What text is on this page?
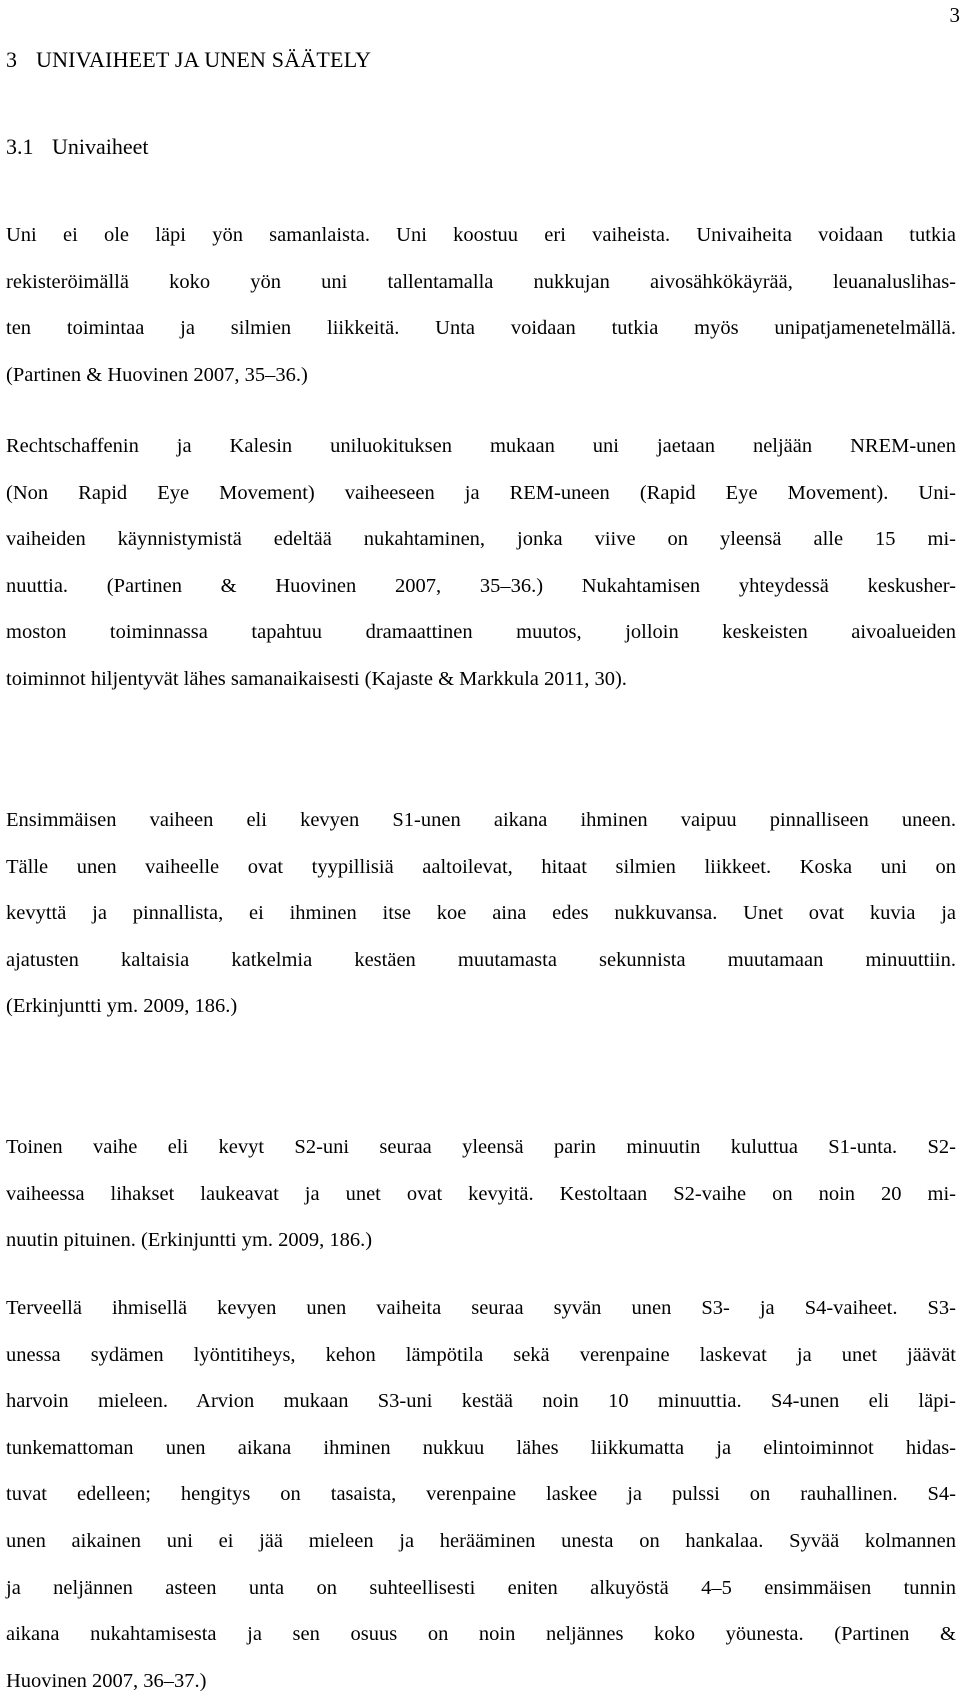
3
3 UNIVAIHEET JA UNEN SÄÄTELY
3.1 Univaiheet
Uni ei ole läpi yön samanlaista. Uni koostuu eri vaiheista. Univaiheita voidaan tutkia
rekisteröimällä koko yön uni tallentamalla nukkujan aivosähkökäyrää, leuanaluslihas-
ten toimintaa ja silmien liikkeitä. Unta voidaan tutkia myös unipatjamenetelmällä.
(Partinen & Huovinen 2007, 35–36.)
Rechtschaffenin ja Kalesin uniluokituksen mukaan uni jaetaan neljään NREM-unen
(Non Rapid Eye Movement) vaiheeseen ja REM-uneen (Rapid Eye Movement). Uni-
vaiheiden käynnistymistä edeltää nukahtaminen, jonka viive on yleensä alle 15 mi-
nuuttia. (Partinen & Huovinen 2007, 35–36.) Nukahtamisen yhteydessä keskusher-
moston toiminnassa tapahtuu dramaattinen muutos, jolloin keskeisten aivoalueiden
toiminnot hiljentyvät lähes samanaikaisesti (Kajaste & Markkula 2011, 30).
Ensimmäisen vaiheen eli kevyen S1-unen aikana ihminen vaipuu pinnalliseen uneen.
Tälle unen vaiheelle ovat tyypillisiä aaltoilevat, hitaat silmien liikkeet. Koska uni on
kevyttä ja pinnallista, ei ihminen itse koe aina edes nukkuvansa. Unet ovat kuvia ja
ajatusten kaltaisia katkelmia kestäen muutamasta sekunnista muutamaan minuuttiin.
(Erkinjuntti ym. 2009, 186.)
Toinen vaihe eli kevyt S2-uni seuraa yleensä parin minuutin kuluttua S1-unta. S2-
vaiheessa lihakset laukeavat ja unet ovat kevyitä. Kestoltaan S2-vaihe on noin 20 mi-
nuutin pituinen. (Erkinjuntti ym. 2009, 186.)
Terveellä ihmisellä kevyen unen vaiheita seuraa syvän unen S3- ja S4-vaiheet. S3-
unessa sydämen lyöntitiheys, kehon lämpötila sekä verenpaine laskevat ja unet jäävät
harvoin mieleen. Arvion mukaan S3-uni kestää noin 10 minuuttia. S4-unen eli läpi-
tunkemattoman unen aikana ihminen nukkuu lähes liikkumatta ja elintoiminnot hidas-
tuvat edelleen; hengitys on tasaista, verenpaine laskee ja pulssi on rauhallinen. S4-
unen aikainen uni ei jää mieleen ja herääminen unesta on hankalaa. Syvää kolmannen
ja neljännen asteen unta on suhteellisesti eniten alkuyöstä 4–5 ensimmäisen tunnin
aikana nukahtamisesta ja sen osuus on noin neljännes koko yöunesta. (Partinen &
Huovinen 2007, 36–37.)
